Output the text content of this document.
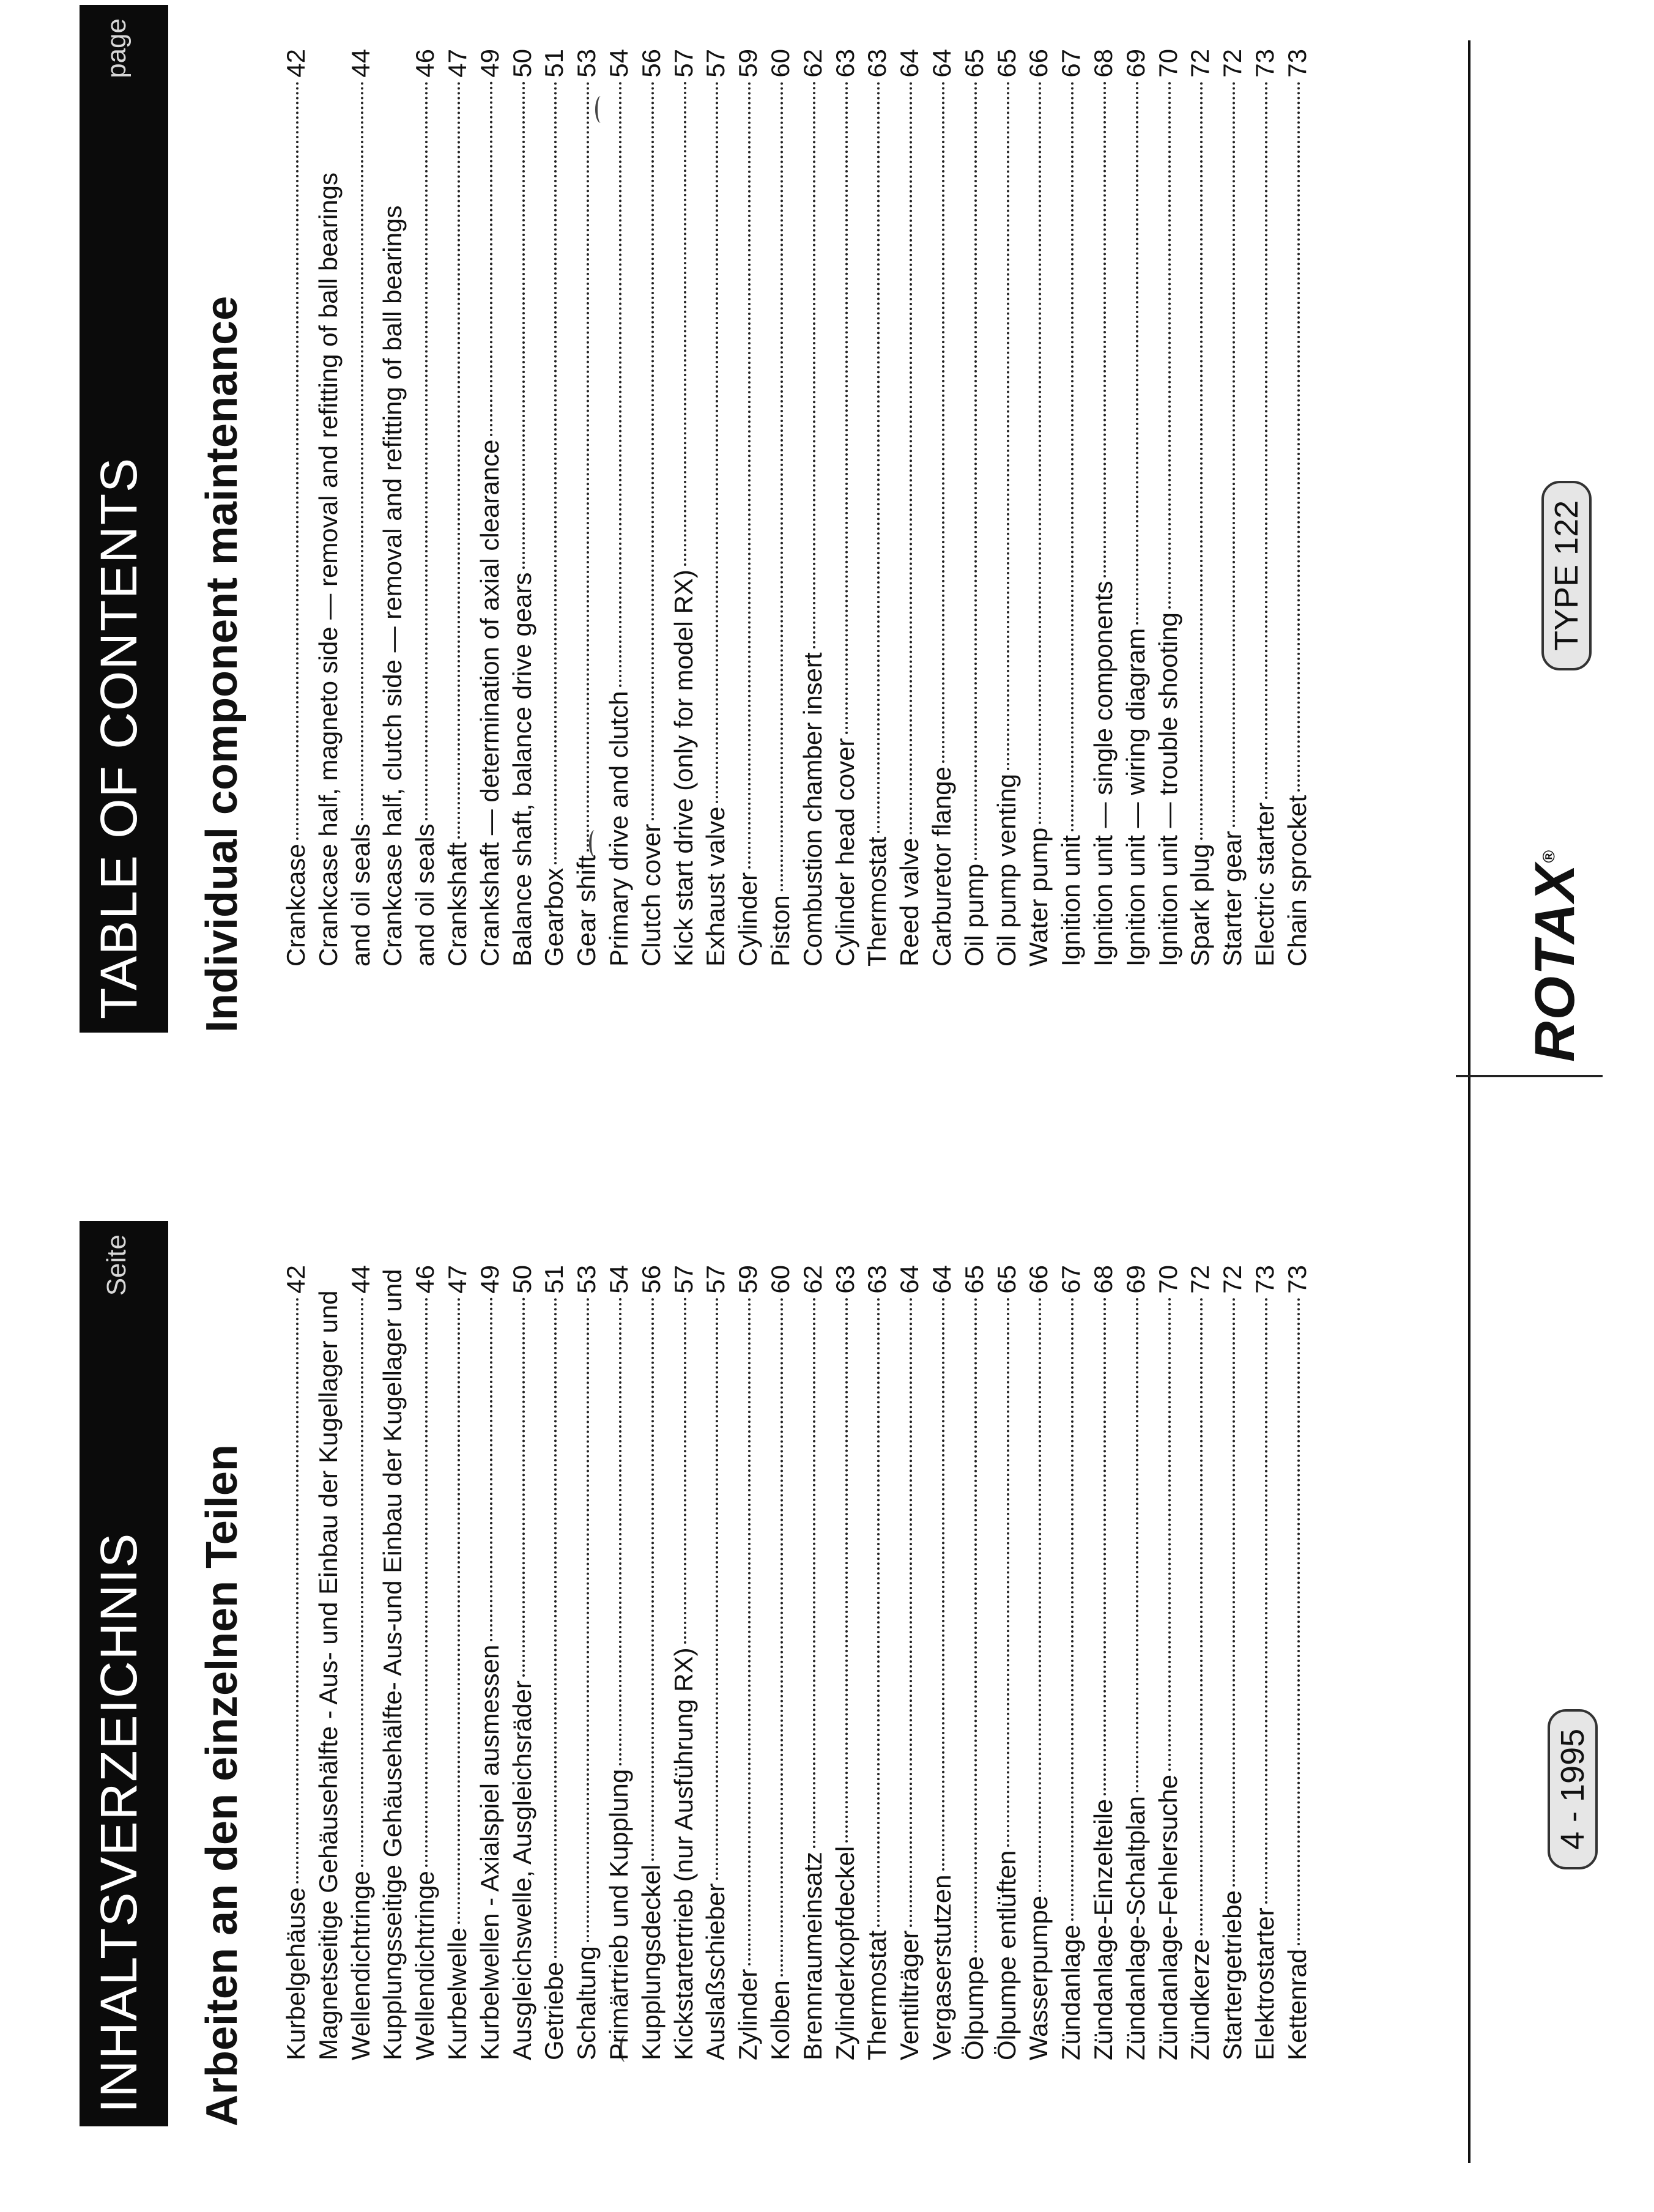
INHALTSVERZEICHNIS
Seite
Arbeiten an den einzelnen Teilen Kurbelgehäuse
42
Magnetseitige Gehäusehälfte - Aus- und Einbau der Kugellager und Wellendichtringe
44 Kupplungsseitige Gehäusehälfte- Aus-und Einbau der Kugellager und Wellendichtringe
46
Kurbelwelle
47
Kurbelwellen - Axialspiel ausmessen
49
Ausgleichswelle, Ausgleichsräder
50
Getriebe
51
Schaltung
53
Primärtrieb und Kupplung
54
Kupplungsdeckel
56
Kickstartertrieb (nur Ausführung RX)
57
Auslaßschieber
57
Zylinder
59
Kolben
60
Brennraumeinsatz
62
Zylinderkopfdeckel
63
Thermostat
63
Ventilträger
64
Vergaserstutzen
64
Ölpumpe
65
Ölpumpe entlüften
65
Wasserpumpe
66
Zündanlage
67
Zündanlage-Einzelteile
68
Zündanlage-Schaltplan
69
Zündanlage-Fehlersuche
70
Zündkerze
72
Startergetriebe
72
Elektrostarter
73
Kettenrad
73
TABLE OF CONTENTS
page
Individual component maintenance Crankcase
42
Crankcase half, magneto side — removal and refitting of ball bearings and oil seals
44
Crankcase half, clutch side — removal and refitting of ball bearings and oil seals
46
Crankshaft
47
Crankshaft — determination of axial clearance
49
Balance shaft, balance drive gears
50
Gearbox
51
Gear shift
53
Primary drive and clutch
54
Clutch cover
56
Kick start drive (only for model RX)
57
Exhaust valve
57
Cylinder
59
Piston
60
Combustion chamber insert
62
Cylinder head cover
63
Thermostat
63
Reed valve
64
Carburetor flange
64
Oil pump
65
Oil pump venting
65
Water pump
66
Ignition unit
67
Ignition unit — single components
68
Ignition unit — wiring diagram
69
Ignition unit — trouble shooting
70
Spark plug
72
Starter gear
72
Electric starter
73
Chain sprocket
73
4 - 1995
ROTAX®
TYPE 122
